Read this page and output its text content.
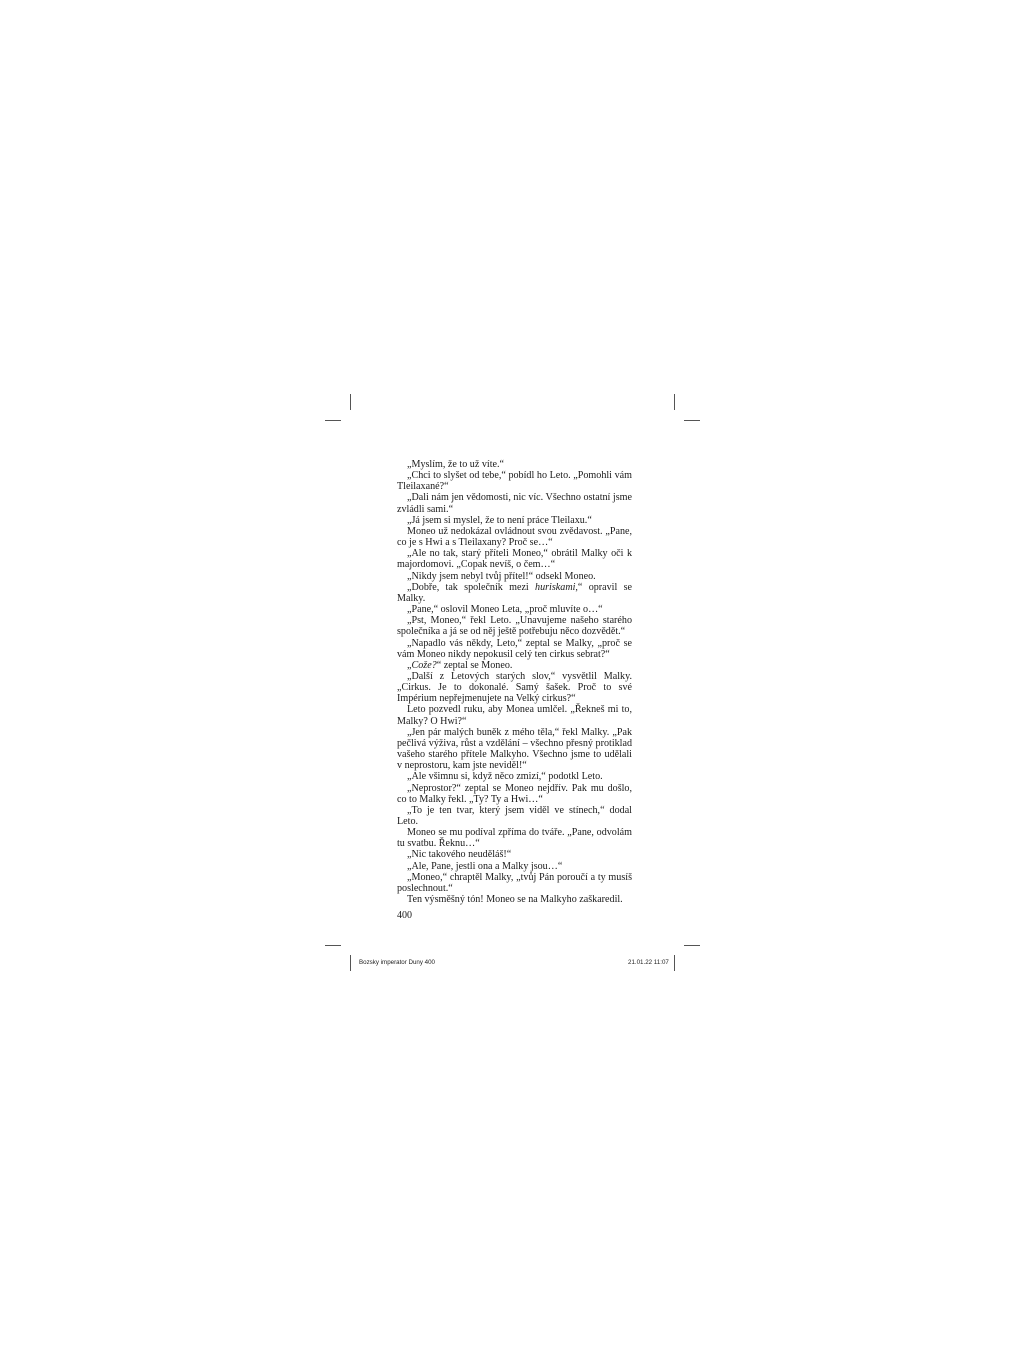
„Myslím, že to už víte.“

„Chci to slyšet od tebe,“ pobídl ho Leto. „Pomohli vám Tleilaxané?“

„Dali nám jen vědomosti, nic víc. Všechno ostatní jsme zvládli sami.“

„Já jsem si myslel, že to není práce Tleilaxu.“

Moneo už nedokázal ovládnout svou zvědavost. „Pane, co je s Hwi a s Tleilaxany? Proč se…“

„Ale no tak, starý příteli Moneo,“ obrátil Malky oči k majordomovi. „Copak nevíš, o čem…“

„Nikdy jsem nebyl tvůj přítel!“ odsekl Moneo.

„Dobře, tak společník mezi huriskami,“ opravil se Malky.

„Pane,“ oslovil Moneo Leta, „proč mluvíte o…“

„Pst, Moneo,“ řekl Leto. „Unavujeme našeho starého společníka a já se od něj ještě potřebuju něco dozvědět.“

„Napadlo vás někdy, Leto,“ zeptal se Malky, „proč se vám Moneo nikdy nepokusil celý ten cirkus sebrat?“

„Cože?“ zeptal se Moneo.

„Další z Letových starých slov,“ vysvětlil Malky. „Cirkus. Je to dokonalé. Samý šašek. Proč to své Impérium nepřejmenujete na Velký cirkus?“

Leto pozvedl ruku, aby Monea umlčel. „Řekneš mi to, Malky? O Hwi?“

„Jen pár malých buněk z mého těla,“ řekl Malky. „Pak pečlivá výživa, růst a vzdělání – všechno přesný protiklad vašeho starého přítele Malkyho. Všechno jsme to udělali v neprostoru, kam jste neviděl!“

„Ale všimnu si, když něco zmizí,“ podotkl Leto.

„Neprostor?“ zeptal se Moneo nejdřív. Pak mu došlo, co to Malky řekl. „Ty? Ty a Hwi…“

„To je ten tvar, který jsem viděl ve stínech,“ dodal Leto.

Moneo se mu podíval zpříma do tváře. „Pane, odvolám tu svatbu. Řeknu…“

„Nic takového neuděláš!“

„Ale, Pane, jestli ona a Malky jsou…“

„Moneo,“ chraptěl Malky, „tvůj Pán poroučí a ty musíš poslechnout.“

Ten výsměšný tón! Moneo se na Malkyho zaškaredil.

400
Bozsky imperator Duny 400	21.01.22 11:07
